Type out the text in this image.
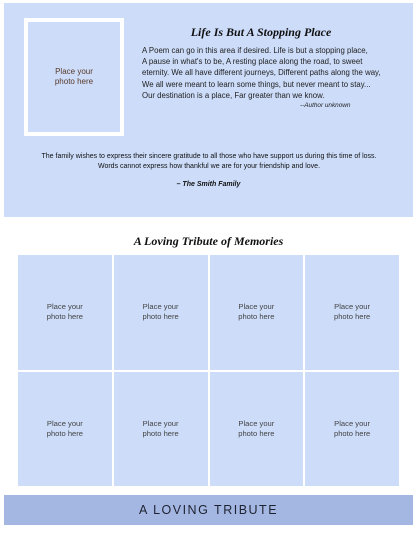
Place your
photo here
Life Is But A Stopping Place
A Poem can go in this area if desired. Life is but a stopping place,
A pause in what's to be, A resting place along the road, to sweet
eternity. We all have different journeys, Different paths along the way,
We all were meant to learn some things, but never meant to stay...
Our destination is a place, Far greater than we know.
--Author unknown
The family wishes to express their sincere gratitude to all those who have support us during this time of loss. Words cannot express how thankful we are for your friendship and love.
– The Smith Family
A Loving Tribute of Memories
Place your
photo here
Place your
photo here
Place your
photo here
Place your
photo here
Place your
photo here
Place your
photo here
Place your
photo here
Place your
photo here
A LOVING TRIBUTE
